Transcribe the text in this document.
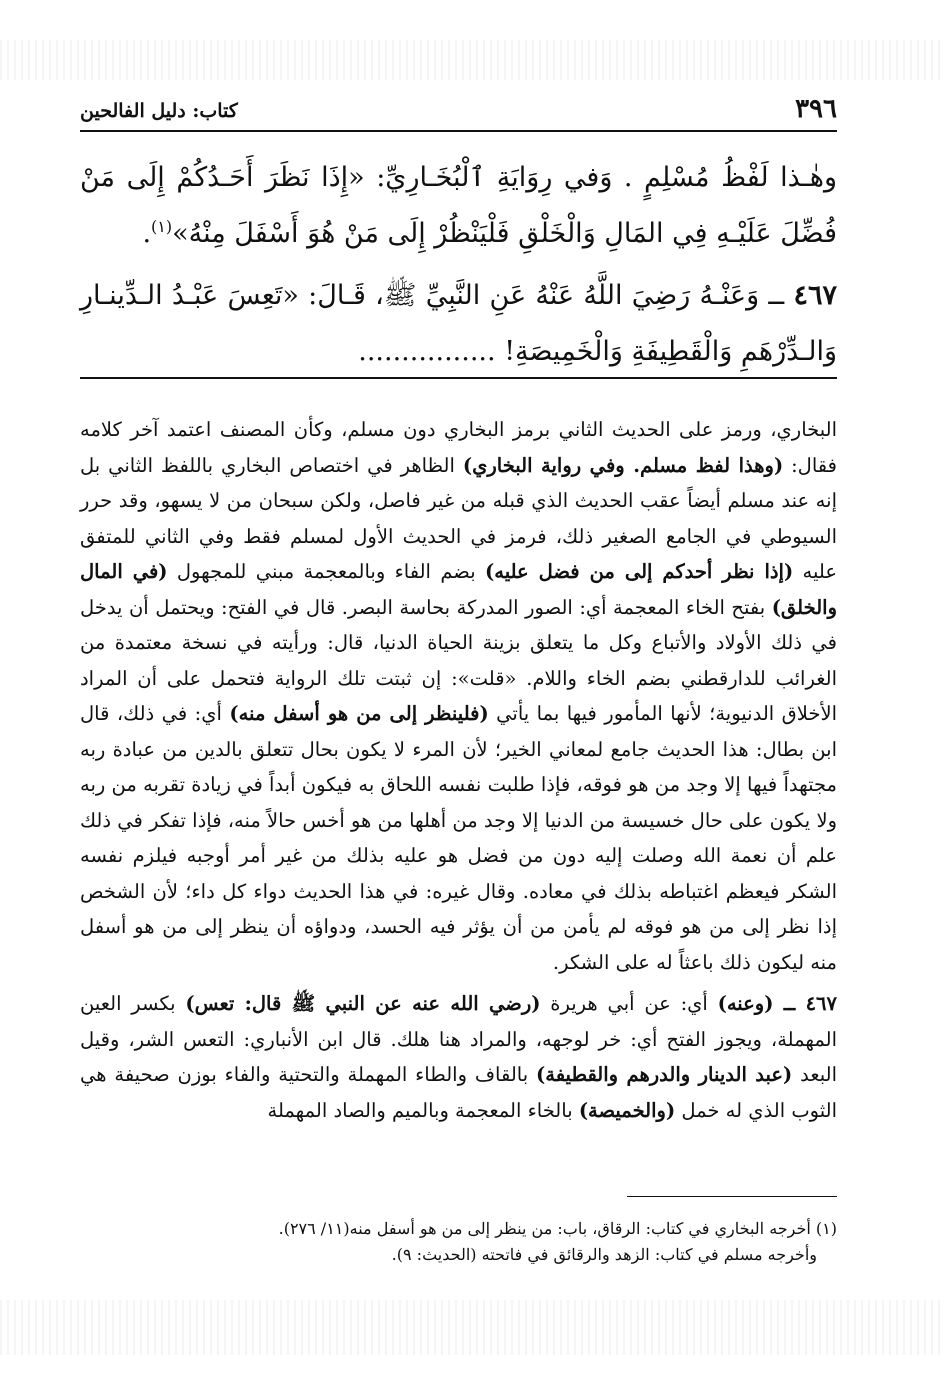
٣٩٦
كتاب: دليل الفالحين

وهٰـذا لَفْظُ مُسْلِمٍ . وَفي رِوَايَةِ ٱلْبُخَـارِيِّ: «إِذَا نَظَرَ أَحَـدُكُمْ إِلَى مَنْ فُضِّلَ عَلَيْـهِ فِي المَالِ وَالْخَلْقِ فَلْيَنْظُرْ إِلَى مَنْ هُوَ أَسْفَلَ مِنْهُ»$^{(١)}$.

٤٦٧ ــ وَعَنْـهُ رَضِيَ اللَّهُ عَنْهُ عَنِ النَّبِيِّ ﷺ، قَـالَ: «تَعِسَ عَبْـدُ الـدِّينـارِ وَالـدِّرْهَمِ وَالْقَطِيفَةِ وَالْخَمِيصَةِ! ................

البخاري، ورمز على الحديث الثاني برمز البخاري دون مسلم، وكأن المصنف اعتمد آخر كلامه فقال: (وهذا لفظ مسلم. وفي رواية البخاري) الظاهر في اختصاص البخاري باللفظ الثاني بل إنه عند مسلم أيضاً عقب الحديث الذي قبله من غير فاصل، ولكن سبحان من لا يسهو، وقد حرر السيوطي في الجامع الصغير ذلك، فرمز في الحديث الأول لمسلم فقط وفي الثاني للمتفق عليه (إذا نظر أحدكم إلى من فضل عليه) بضم الفاء وبالمعجمة مبني للمجهول (في المال والخلق) بفتح الخاء المعجمة أي: الصور المدركة بحاسة البصر. قال في الفتح: ويحتمل أن يدخل في ذلك الأولاد والأتباع وكل ما يتعلق بزينة الحياة الدنيا، قال: ورأيته في نسخة معتمدة من الغرائب للدارقطني بضم الخاء واللام. «قلت»: إن ثبتت تلك الرواية فتحمل على أن المراد الأخلاق الدنيوية؛ لأنها المأمور فيها بما يأتي (فلينظر إلى من هو أسفل منه) أي: في ذلك، قال ابن بطال: هذا الحديث جامع لمعاني الخير؛ لأن المرء لا يكون بحال تتعلق بالدين من عبادة ربه مجتهداً فيها إلا وجد من هو فوقه، فإذا طلبت نفسه اللحاق به فيكون أبداً في زيادة تقربه من ربه ولا يكون على حال خسيسة من الدنيا إلا وجد من أهلها من هو أخس حالاً منه، فإذا تفكر في ذلك علم أن نعمة الله وصلت إليه دون من فضل هو عليه بذلك من غير أمر أوجبه فيلزم نفسه الشكر فيعظم اغتباطه بذلك في معاده. وقال غيره: في هذا الحديث دواء كل داء؛ لأن الشخص إذا نظر إلى من هو فوقه لم يأمن من أن يؤثر فيه الحسد، ودواؤه أن ينظر إلى من هو أسفل منه ليكون ذلك باعثاً له على الشكر.

٤٦٧ ــ (وعنه) أي: عن أبي هريرة (رضي الله عنه عن النبي ﷺ قال: تعس) بكسر العين المهملة، ويجوز الفتح أي: خر لوجهه، والمراد هنا هلك. قال ابن الأنباري: التعس الشر، وقيل البعد (عبد الدينار والدرهم والقطيفة) بالقاف والطاء المهملة والتحتية والفاء بوزن صحيفة هي الثوب الذي له خمل (والخميصة) بالخاء المعجمة وبالميم والصاد المهملة

(١) أخرجه البخاري في كتاب: الرقاق، باب: من ينظر إلى من هو أسفل منه(١١/ ٢٧٦).

وأخرجه مسلم في كتاب: الزهد والرقائق في فاتحته (الحديث: ٩).
